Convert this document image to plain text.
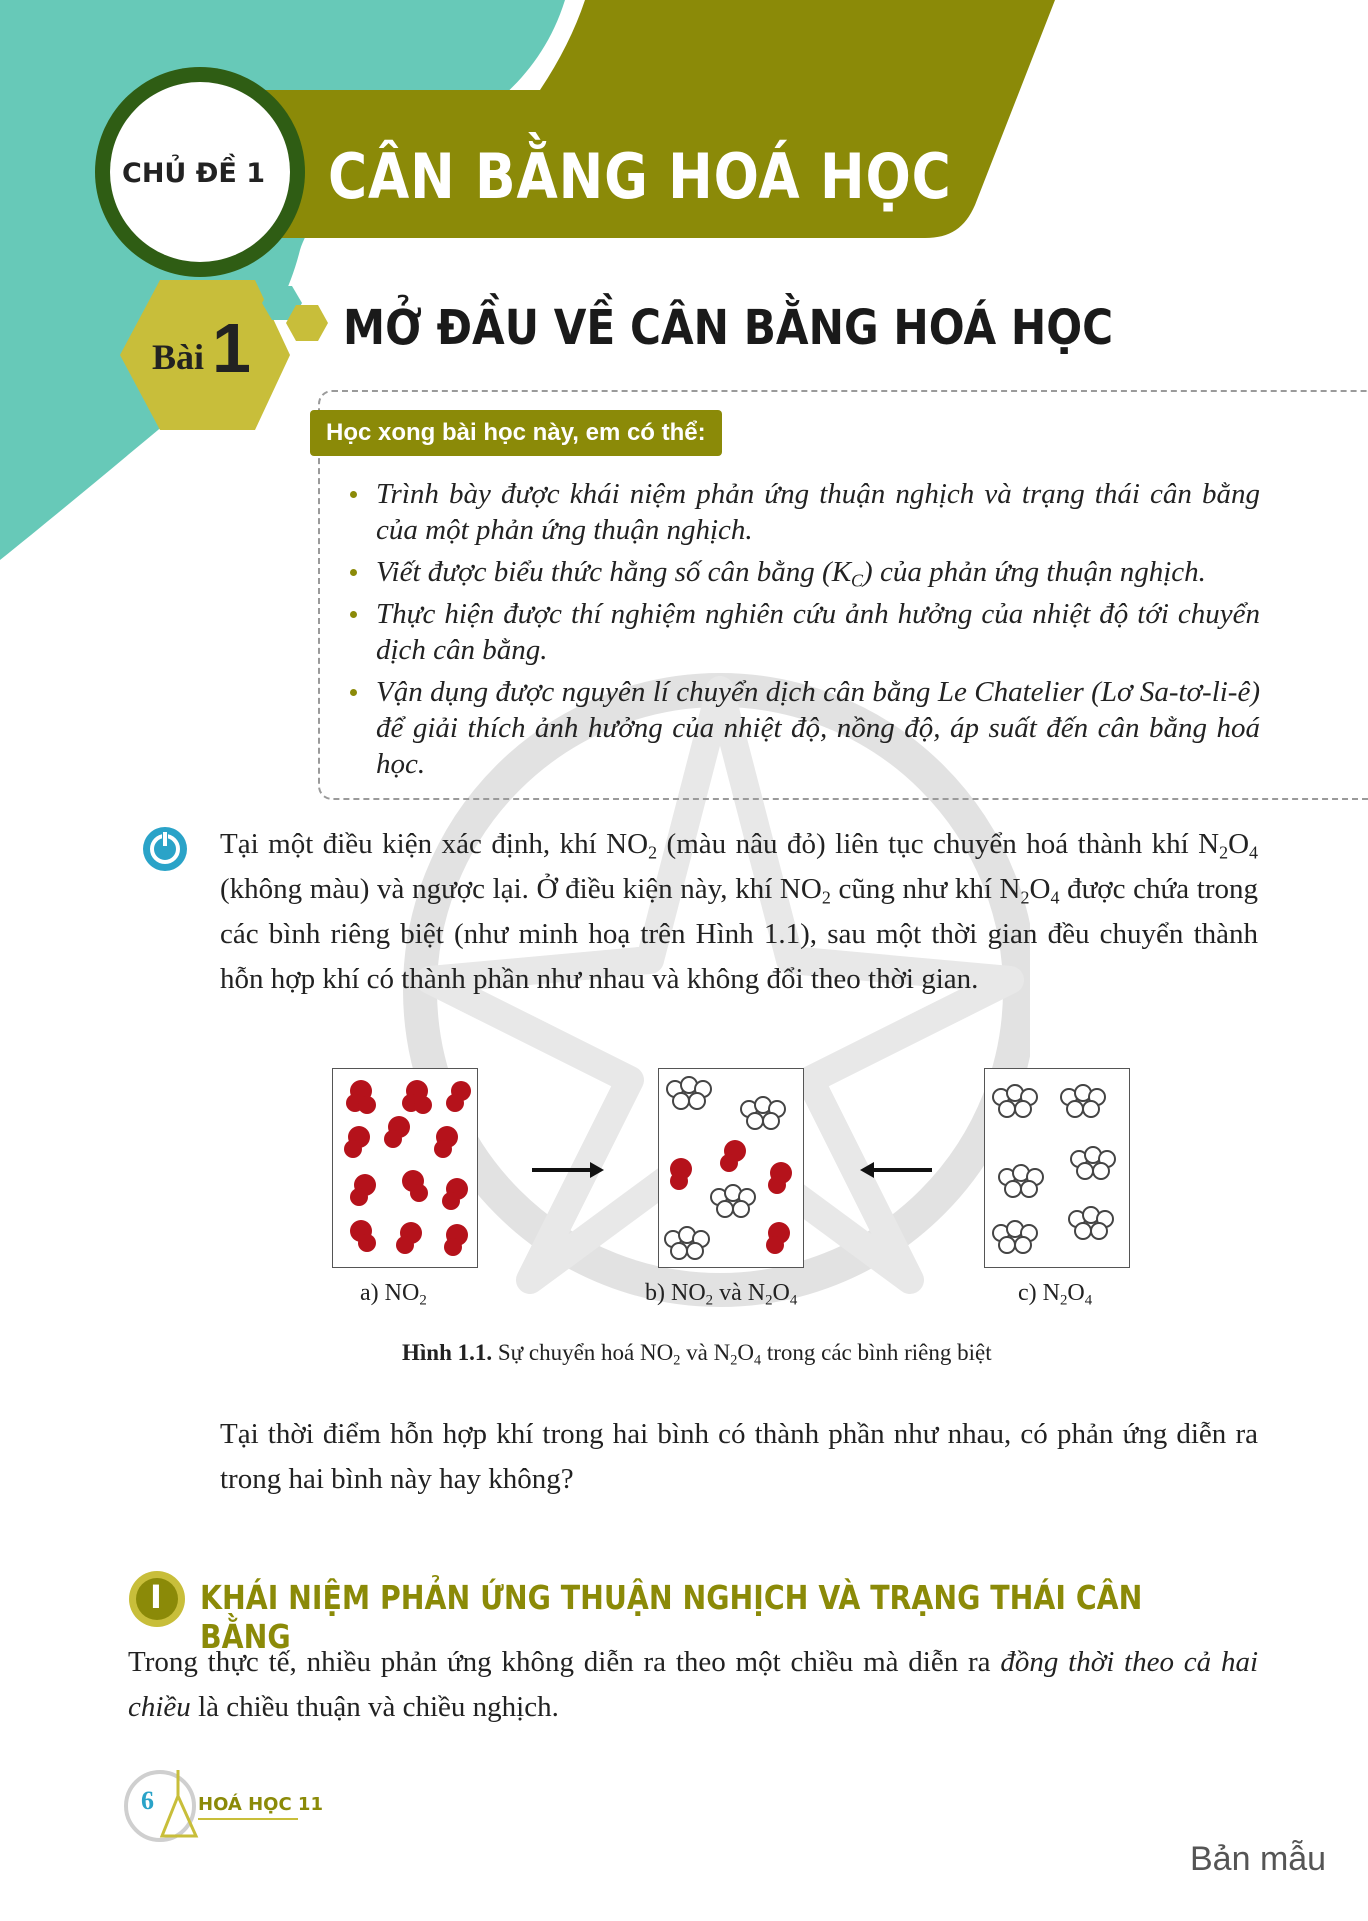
CHỦ ĐỀ 1 CÂN BẰNG HOÁ HỌC
Bài 1 MỞ ĐẦU VỀ CÂN BẰNG HOÁ HỌC
Học xong bài học này, em có thể:
Trình bày được khái niệm phản ứng thuận nghịch và trạng thái cân bằng của một phản ứng thuận nghịch.
Viết được biểu thức hằng số cân bằng $(K_C)$ của phản ứng thuận nghịch.
Thực hiện được thí nghiệm nghiên cứu ảnh hưởng của nhiệt độ tới chuyển dịch cân bằng.
Vận dụng được nguyên lí chuyển dịch cân bằng Le Chatelier (Lơ Sa-tơ-li-ê) để giải thích ảnh hưởng của nhiệt độ, nồng độ, áp suất đến cân bằng hoá học.
Tại một điều kiện xác định, khí $NO_2$ (màu nâu đỏ) liên tục chuyển hoá thành khí $N_2O_4$ (không màu) và ngược lại. Ở điều kiện này, khí $NO_2$ cũng như khí $N_2O_4$ được chứa trong các bình riêng biệt (như minh hoạ trên Hình 1.1), sau một thời gian đều chuyển thành hỗn hợp khí có thành phần như nhau và không đổi theo thời gian.
a) $NO_2$	b) $NO_2$ và $N_2O_4$	c) $N_2O_4$
Hình 1.1. Sự chuyển hoá $NO_2$ và $N_2O_4$ trong các bình riêng biệt
Tại thời điểm hỗn hợp khí trong hai bình có thành phần như nhau, có phản ứng diễn ra trong hai bình này hay không?
I KHÁI NIỆM PHẢN ỨNG THUẬN NGHỊCH VÀ TRẠNG THÁI CÂN BẰNG
Trong thực tế, nhiều phản ứng không diễn ra theo một chiều mà diễn ra đồng thời theo cả hai chiều là chiều thuận và chiều nghịch.
6 HOÁ HỌC 11
Bản mẫu
